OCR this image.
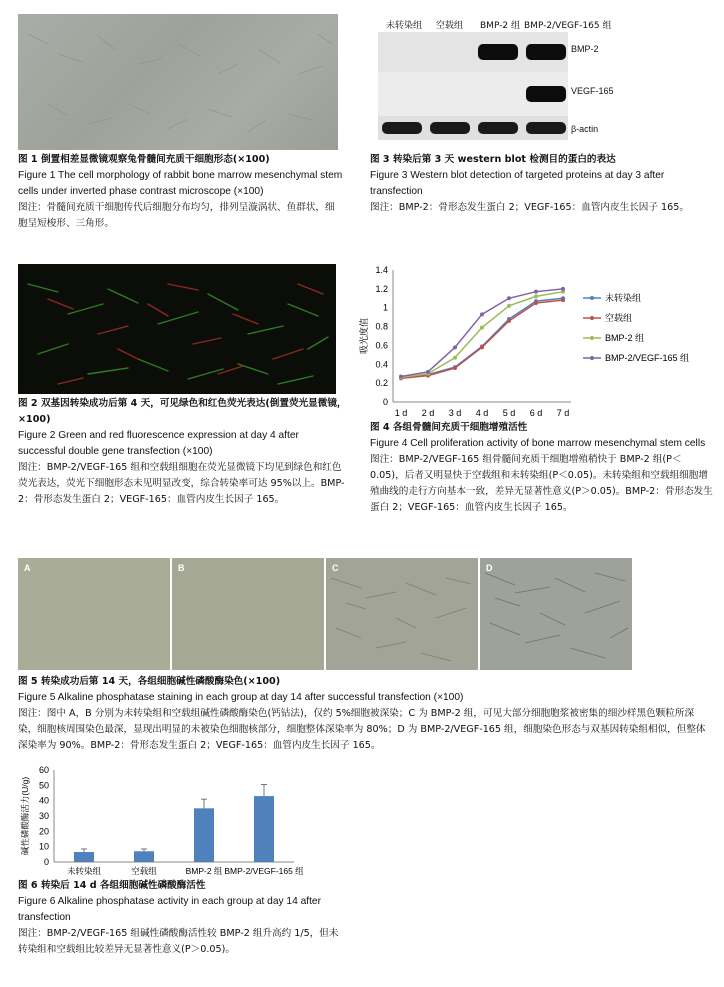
图 1 倒置相差显微镜观察兔骨髓间充质干细胞形态(×100)
Figure 1 The cell morphology of rabbit bone marrow mesenchymal stem cells under inverted phase contrast microscope (×100)
图注：骨髓间充质干细胞传代后细胞分布均匀，排列呈漩涡状、鱼群状，细胞呈短梭形、三角形。
图 2 双基因转染成功后第 4 天，可见绿色和红色荧光表达(倒置荧光显微镜，×100)
Figure 2 Green and red fluorescence expression at day 4 after successful double gene transfection (×100)
图注：BMP-2/VEGF-165 组和空载组细胞在荧光显微镜下均见到绿色和红色荧光表达，荧光下细胞形态未见明显改变，综合转染率可达 95%以上。BMP-2：骨形态发生蛋白 2；VEGF-165：血管内皮生长因子 165。
未转染组 空载组 BMP-2 组 BMP-2/VEGF-165 组
BMP-2
VEGF-165
β-actin
图 3 转染后第 3 天 western blot 检测目的蛋白的表达
Figure 3 Western blot detection of targeted proteins at day 3 after transfection
图注：BMP-2：骨形态发生蛋白 2；VEGF-165：血管内皮生长因子 165。
0
0.2
0.4
0.6
0.8
1
1.2
1.4
1 d 2 d 3 d 4 d 5 d 6 d 7 d
吸光度值
未转染组
空载组
BMP-2 组
BMP-2/VEGF-165 组
图 4 各组骨髓间充质干细胞增殖活性
Figure 4 Cell proliferation activity of bone marrow mesenchymal stem cells
图注：BMP-2/VEGF-165 组骨髓间充质干细胞增殖稍快于 BMP-2 组(P＜0.05)，后者又明显快于空载组和未转染组(P＜0.05)。未转染组和空载组细胞增殖曲线的走行方向基本一致，差异无显著性意义(P＞0.05)。BMP-2：骨形态发生蛋白 2；VEGF-165：血管内皮生长因子 165。
A	B	C	D
图 5 转染成功后第 14 天，各组细胞碱性磷酸酶染色(×100)
Figure 5 Alkaline phosphatase staining in each group at day 14 after successful transfection (×100)
图注：图中 A，B 分别为未转染组和空载组碱性磷酸酶染色(钙钴法)，仅约 5%细胞被深染；C 为 BMP-2 组，可见大部分细胞胞浆被密集的细沙样黑色颗粒所深染，细胞核周围染色最深，显现出明显的未被染色细胞核部分，细胞整体深染率为 80%；D 为 BMP-2/VEGF-165 组，细胞染色形态与双基因转染组相似，但整体深染率为 90%。BMP-2：骨形态发生蛋白 2；VEGF-165：血管内皮生长因子 165。
0
10
20
30
40
50
60
碱性磷酸酶活力(U/g)
未转染组	空载组	BMP-2 组 BMP-2/VEGF-165 组
图 6 转染后 14 d 各组细胞碱性磷酸酶活性
Figure 6 Alkaline phosphatase activity in each group at day 14 after transfection
图注：BMP-2/VEGF-165 组碱性磷酸酶活性较 BMP-2 组升高约 1/5，但未转染组和空载组比较差异无显著性意义(P＞0.05)。
